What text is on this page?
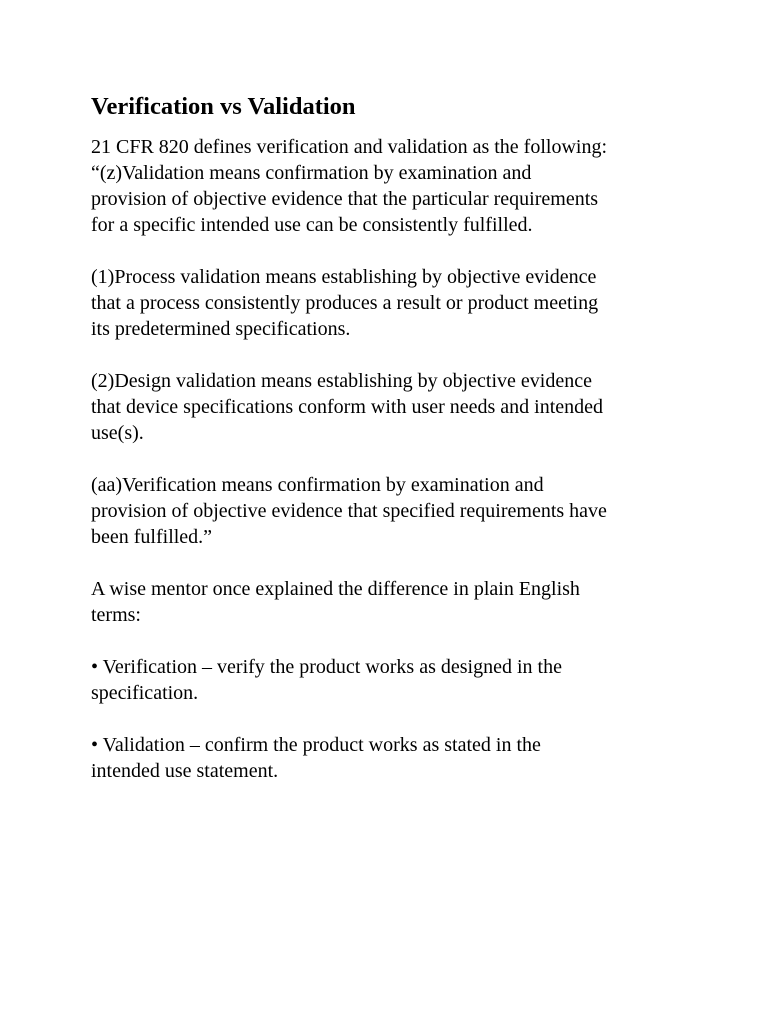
Verification vs Validation

21 CFR 820 defines verification and validation as the following:
“(z)Validation means confirmation by examination and
provision of objective evidence that the particular requirements
for a specific intended use can be consistently fulfilled.

(1)Process validation means establishing by objective evidence
that a process consistently produces a result or product meeting
its predetermined specifications.

(2)Design validation means establishing by objective evidence
that device specifications conform with user needs and intended
use(s).

(aa)Verification means confirmation by examination and
provision of objective evidence that specified requirements have
been fulfilled.”

A wise mentor once explained the difference in plain English
terms:

• Verification – verify the product works as designed in the
specification.

• Validation – confirm the product works as stated in the
intended use statement.
